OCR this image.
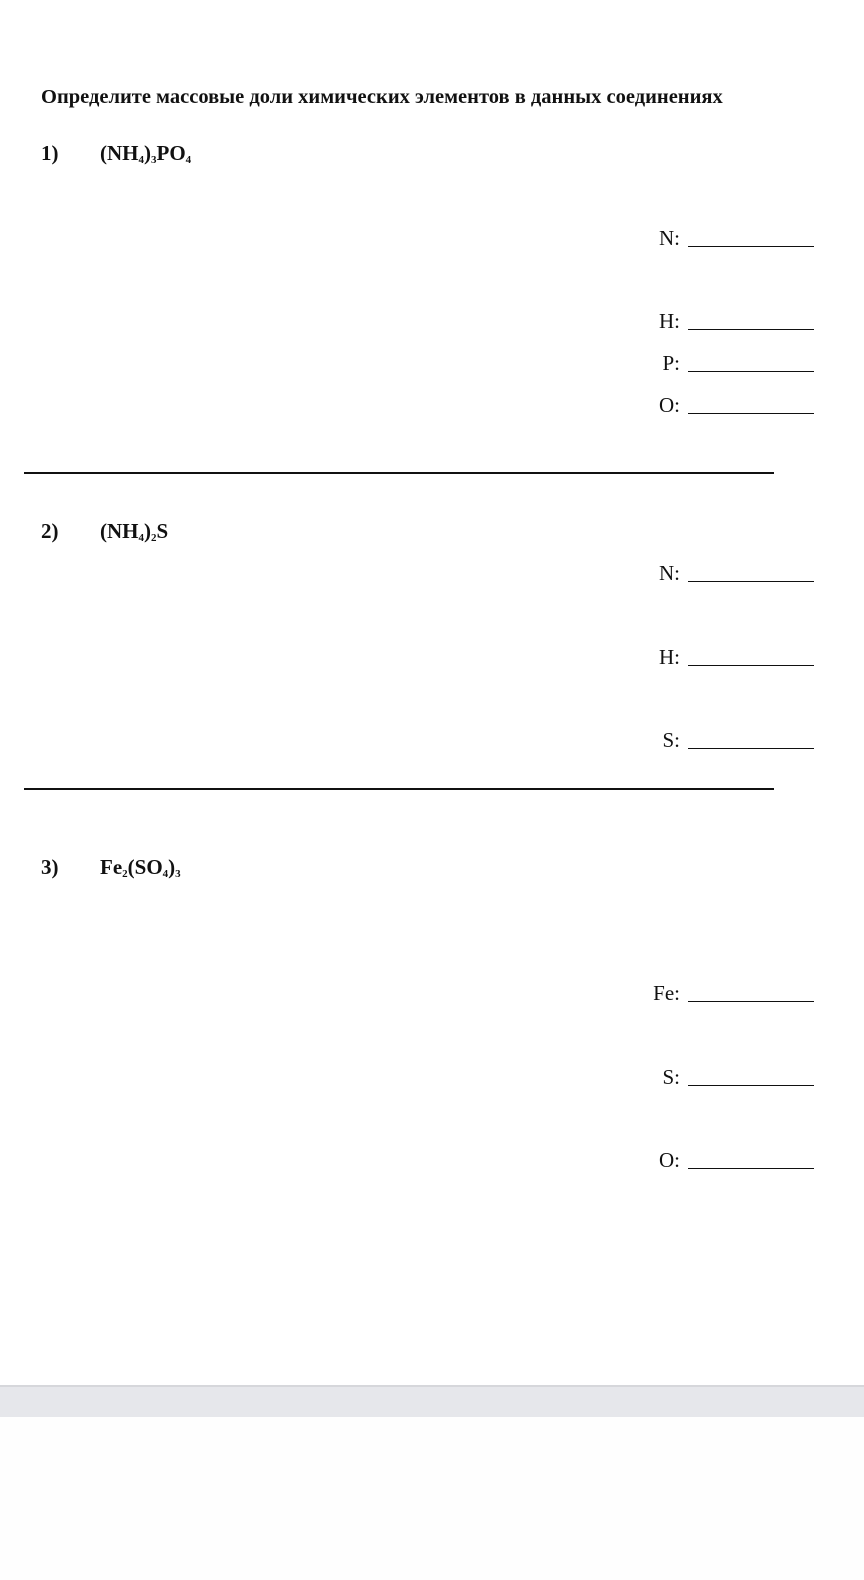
Определите массовые доли химических элементов в данных соединениях
1) $(NH_4)_3PO_4$
N:
H:
P:
O:
2) $(NH_4)_2S$
N:
H:
S:
3) $Fe_2(SO_4)_3$
Fe:
S:
O:
